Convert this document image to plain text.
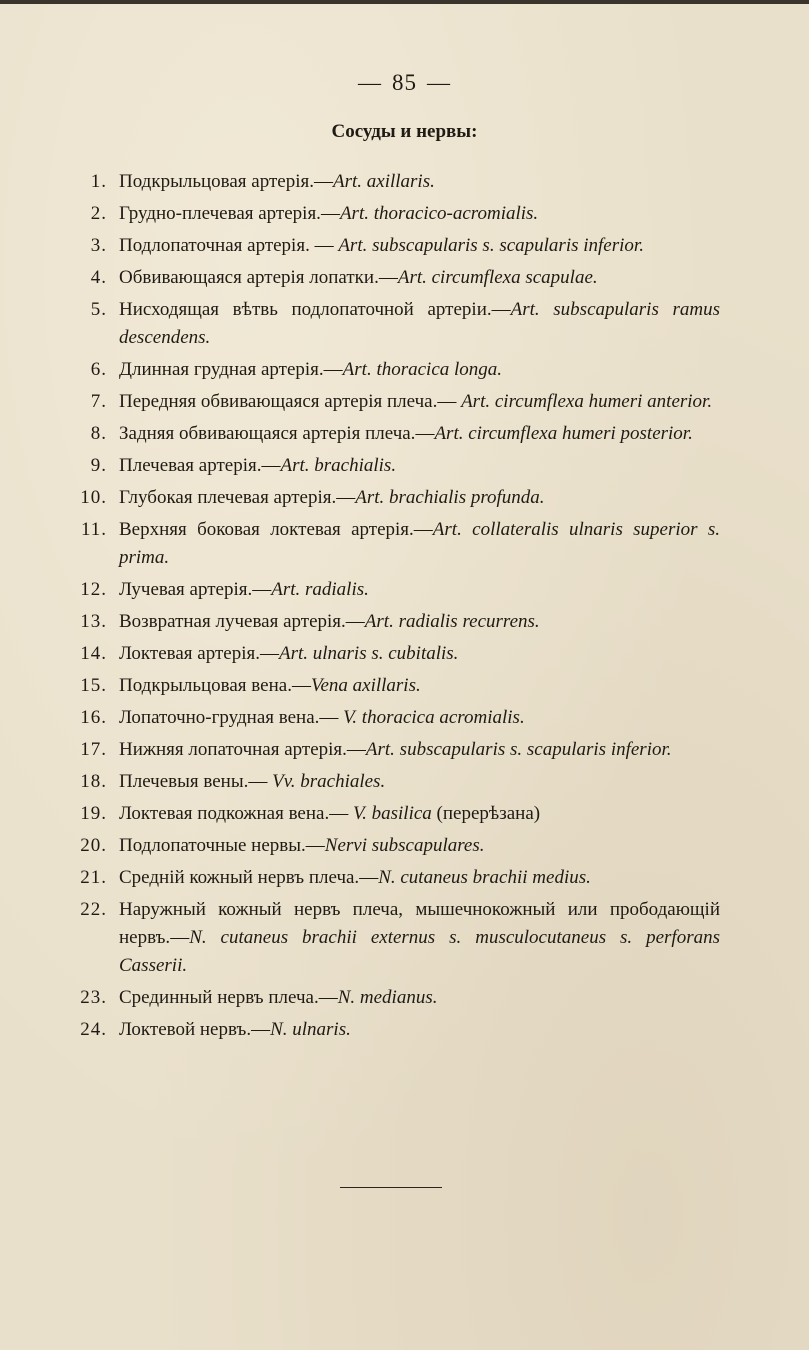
— 85 —
Сосуды и нервы:
1. Подкрыльцовая артерія.—Art. axillaris.
2. Грудно-плечевая артерія.—Art. thoracico-acromialis.
3. Подлопаточная артерія. — Art. subscapularis s. scapularis inferior.
4. Обвивающаяся артерія лопатки.—Art. circumflexa scapulae.
5. Нисходящая вѣтвь подлопаточной артеріи.—Art. subscapularis ramus descendens.
6. Длинная грудная артерія.—Art. thoracica longa.
7. Передняя обвивающаяся артерія плеча.— Art. circumflexa humeri anterior.
8. Задняя обвивающаяся артерія плеча.—Art. circumflexa humeri posterior.
9. Плечевая артерія.—Art. brachialis.
10. Глубокая плечевая артерія.—Art. brachialis profunda.
11. Верхняя боковая локтевая артерія.—Art. collateralis ulnaris superior s. prima.
12. Лучевая артерія.—Art. radialis.
13. Возвратная лучевая артерія.—Art. radialis recurrens.
14. Локтевая артерія.—Art. ulnaris s. cubitalis.
15. Подкрыльцовая вена.—Vena axillaris.
16. Лопаточно-грудная вена.— V. thoracica acromialis.
17. Нижняя лопаточная артерія.—Art. subscapularis s. scapularis inferior.
18. Плечевыя вены.— Vv. brachiales.
19. Локтевая подкожная вена.— V. basilica (перерѣзана)
20. Подлопаточные нервы.—Nervi subscapulares.
21. Средній кожный нервъ плеча.—N. cutaneus brachii medius.
22. Наружный кожный нервъ плеча, мышечнокожный или прободающій нервъ.—N. cutaneus brachii externus s. musculocutaneus s. perforans Casserii.
23. Срединный нервъ плеча.—N. medianus.
24. Локтевой нервъ.—N. ulnaris.
